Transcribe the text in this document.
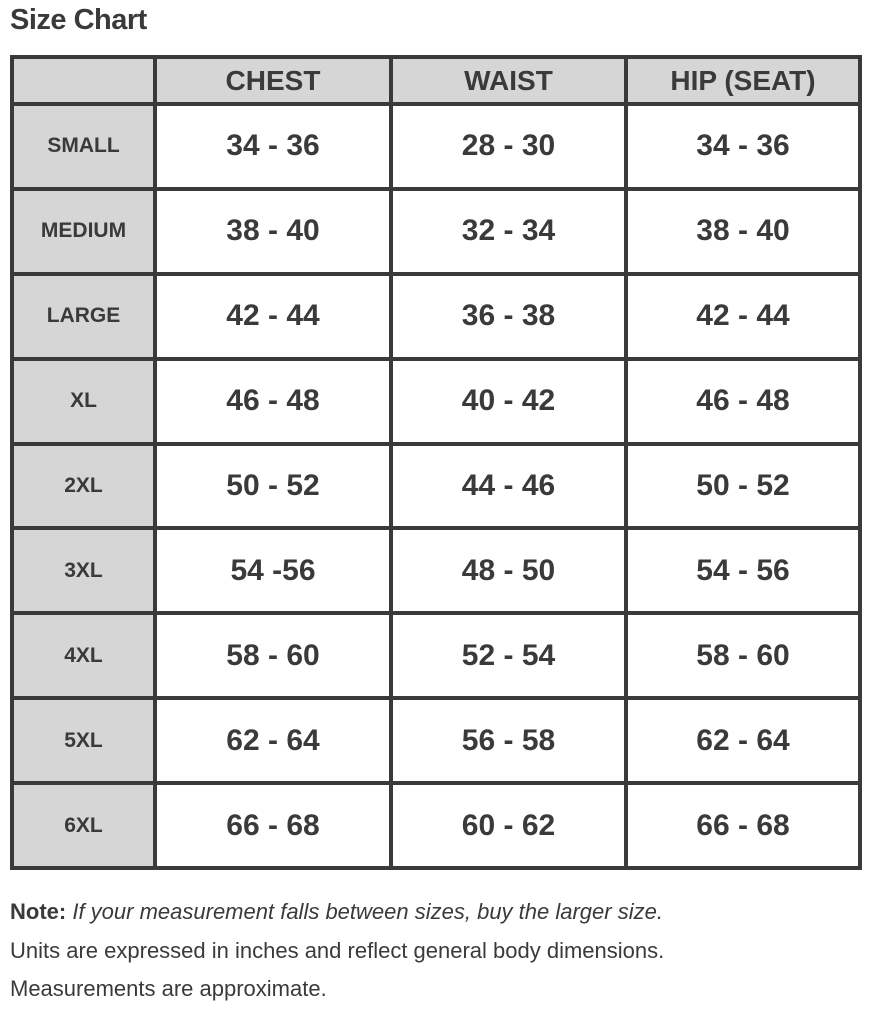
Size Chart
	CHEST	WAIST	HIP (SEAT)
SMALL	34 - 36	28 - 30	34 - 36
MEDIUM	38 - 40	32 - 34	38 - 40
LARGE	42 - 44	36 - 38	42 - 44
XL	46 - 48	40 - 42	46 - 48
2XL	50 - 52	44 - 46	50 - 52
3XL	54 -56	48 - 50	54 - 56
4XL	58 - 60	52 - 54	58 - 60
5XL	62 - 64	56 - 58	62 - 64
6XL	66 - 68	60 - 62	66 - 68

Note: If your measurement falls between sizes, buy the larger size.

Units are expressed in inches and reflect general body dimensions.

Measurements are approximate.
